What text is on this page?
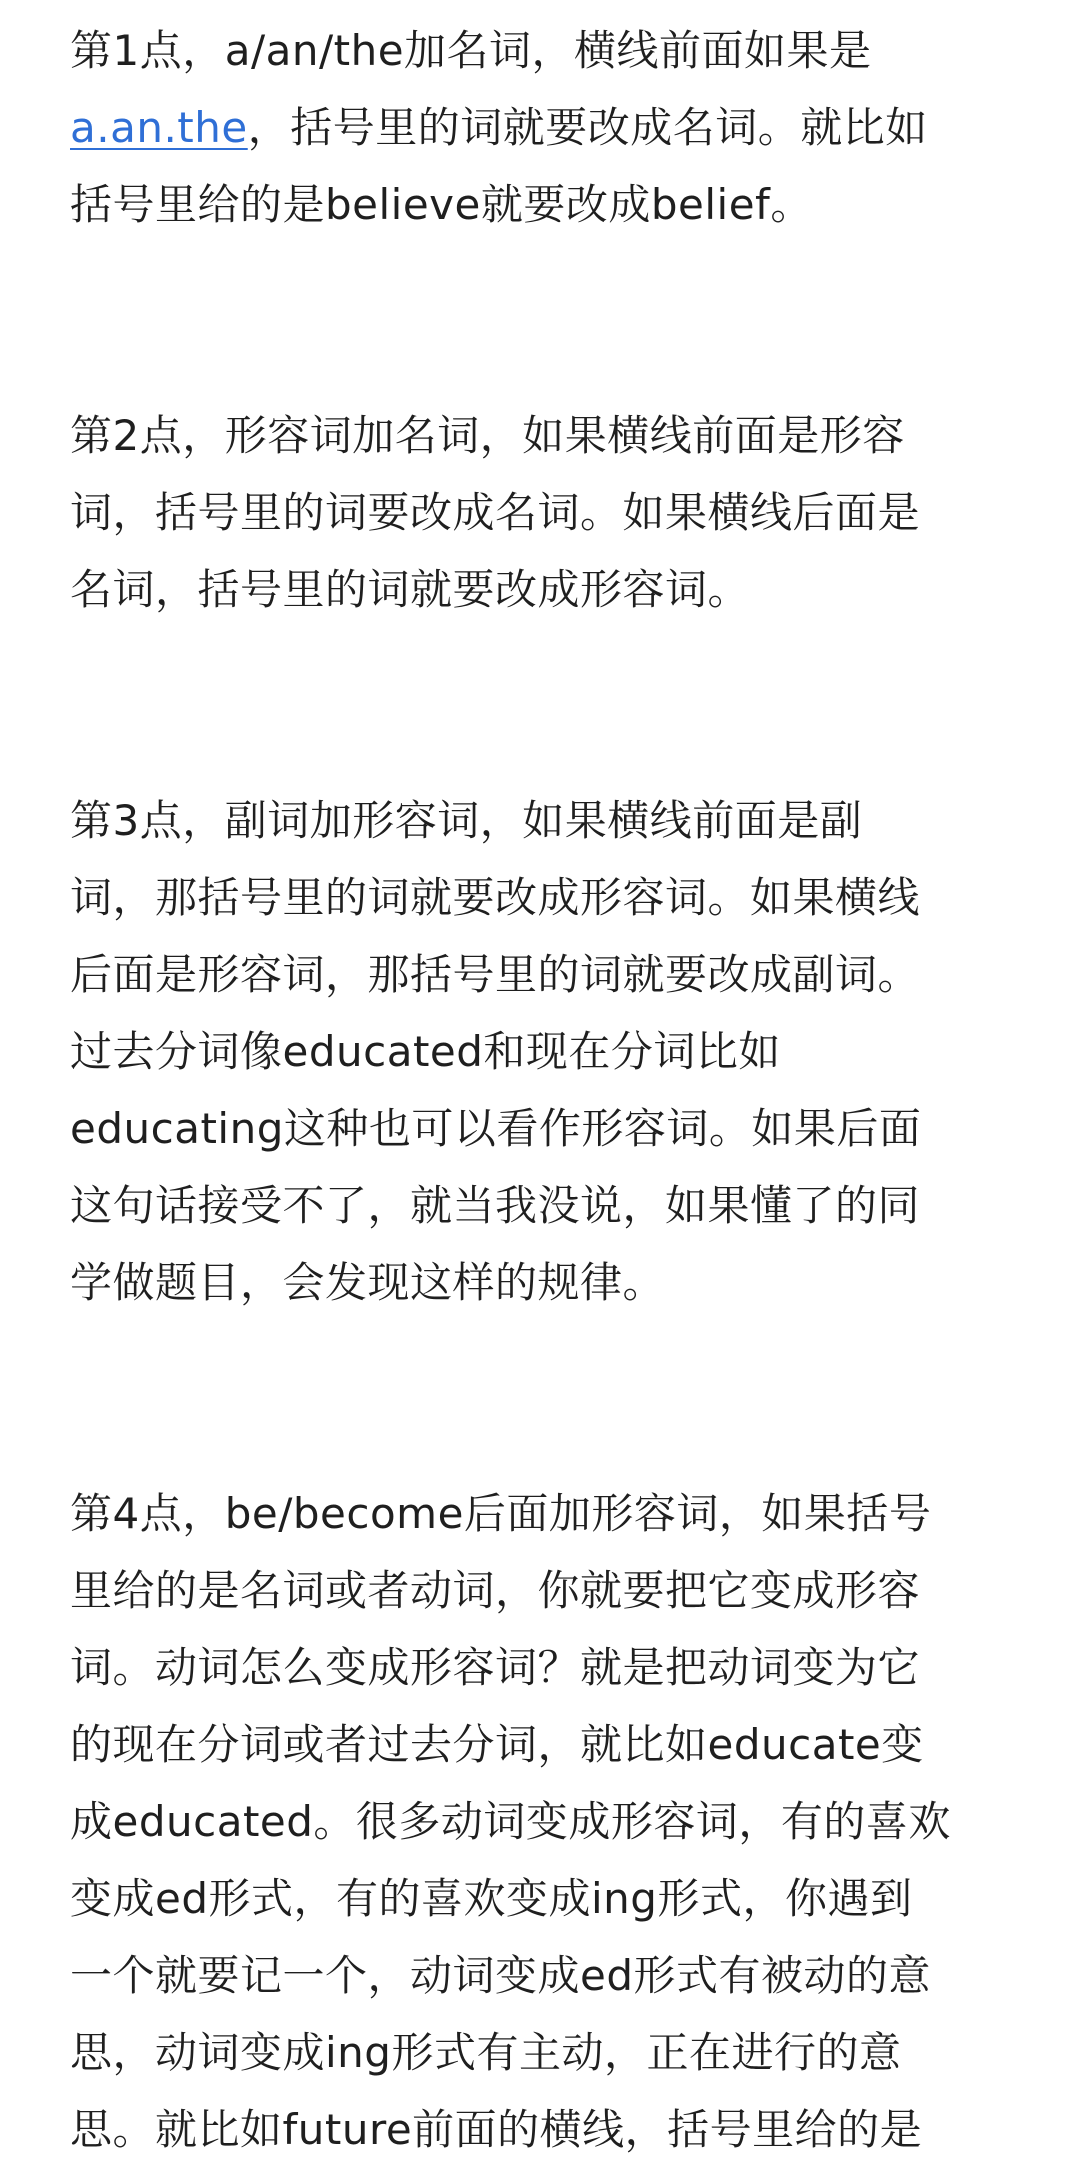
第1点，a/an/the加名词，横线前面如果是
a.an.the，括号里的词就要改成名词。就比如
括号里给的是believe就要改成belief。
第2点，形容词加名词，如果横线前面是形容
词，括号里的词要改成名词。如果横线后面是
名词，括号里的词就要改成形容词。
第3点，副词加形容词，如果横线前面是副
词，那括号里的词就要改成形容词。如果横线
后面是形容词，那括号里的词就要改成副词。
过去分词像educated和现在分词比如
educating这种也可以看作形容词。如果后面
这句话接受不了，就当我没说，如果懂了的同
学做题目，会发现这样的规律。
第4点，be/become后面加形容词，如果括号
里给的是名词或者动词，你就要把它变成形容
词。动词怎么变成形容词？就是把动词变为它
的现在分词或者过去分词，就比如educate变
成educated。很多动词变成形容词，有的喜欢
变成ed形式，有的喜欢变成ing形式，你遇到
一个就要记一个，动词变成ed形式有被动的意
思，动词变成ing形式有主动，正在进行的意
思。就比如future前面的横线，括号里给的是
